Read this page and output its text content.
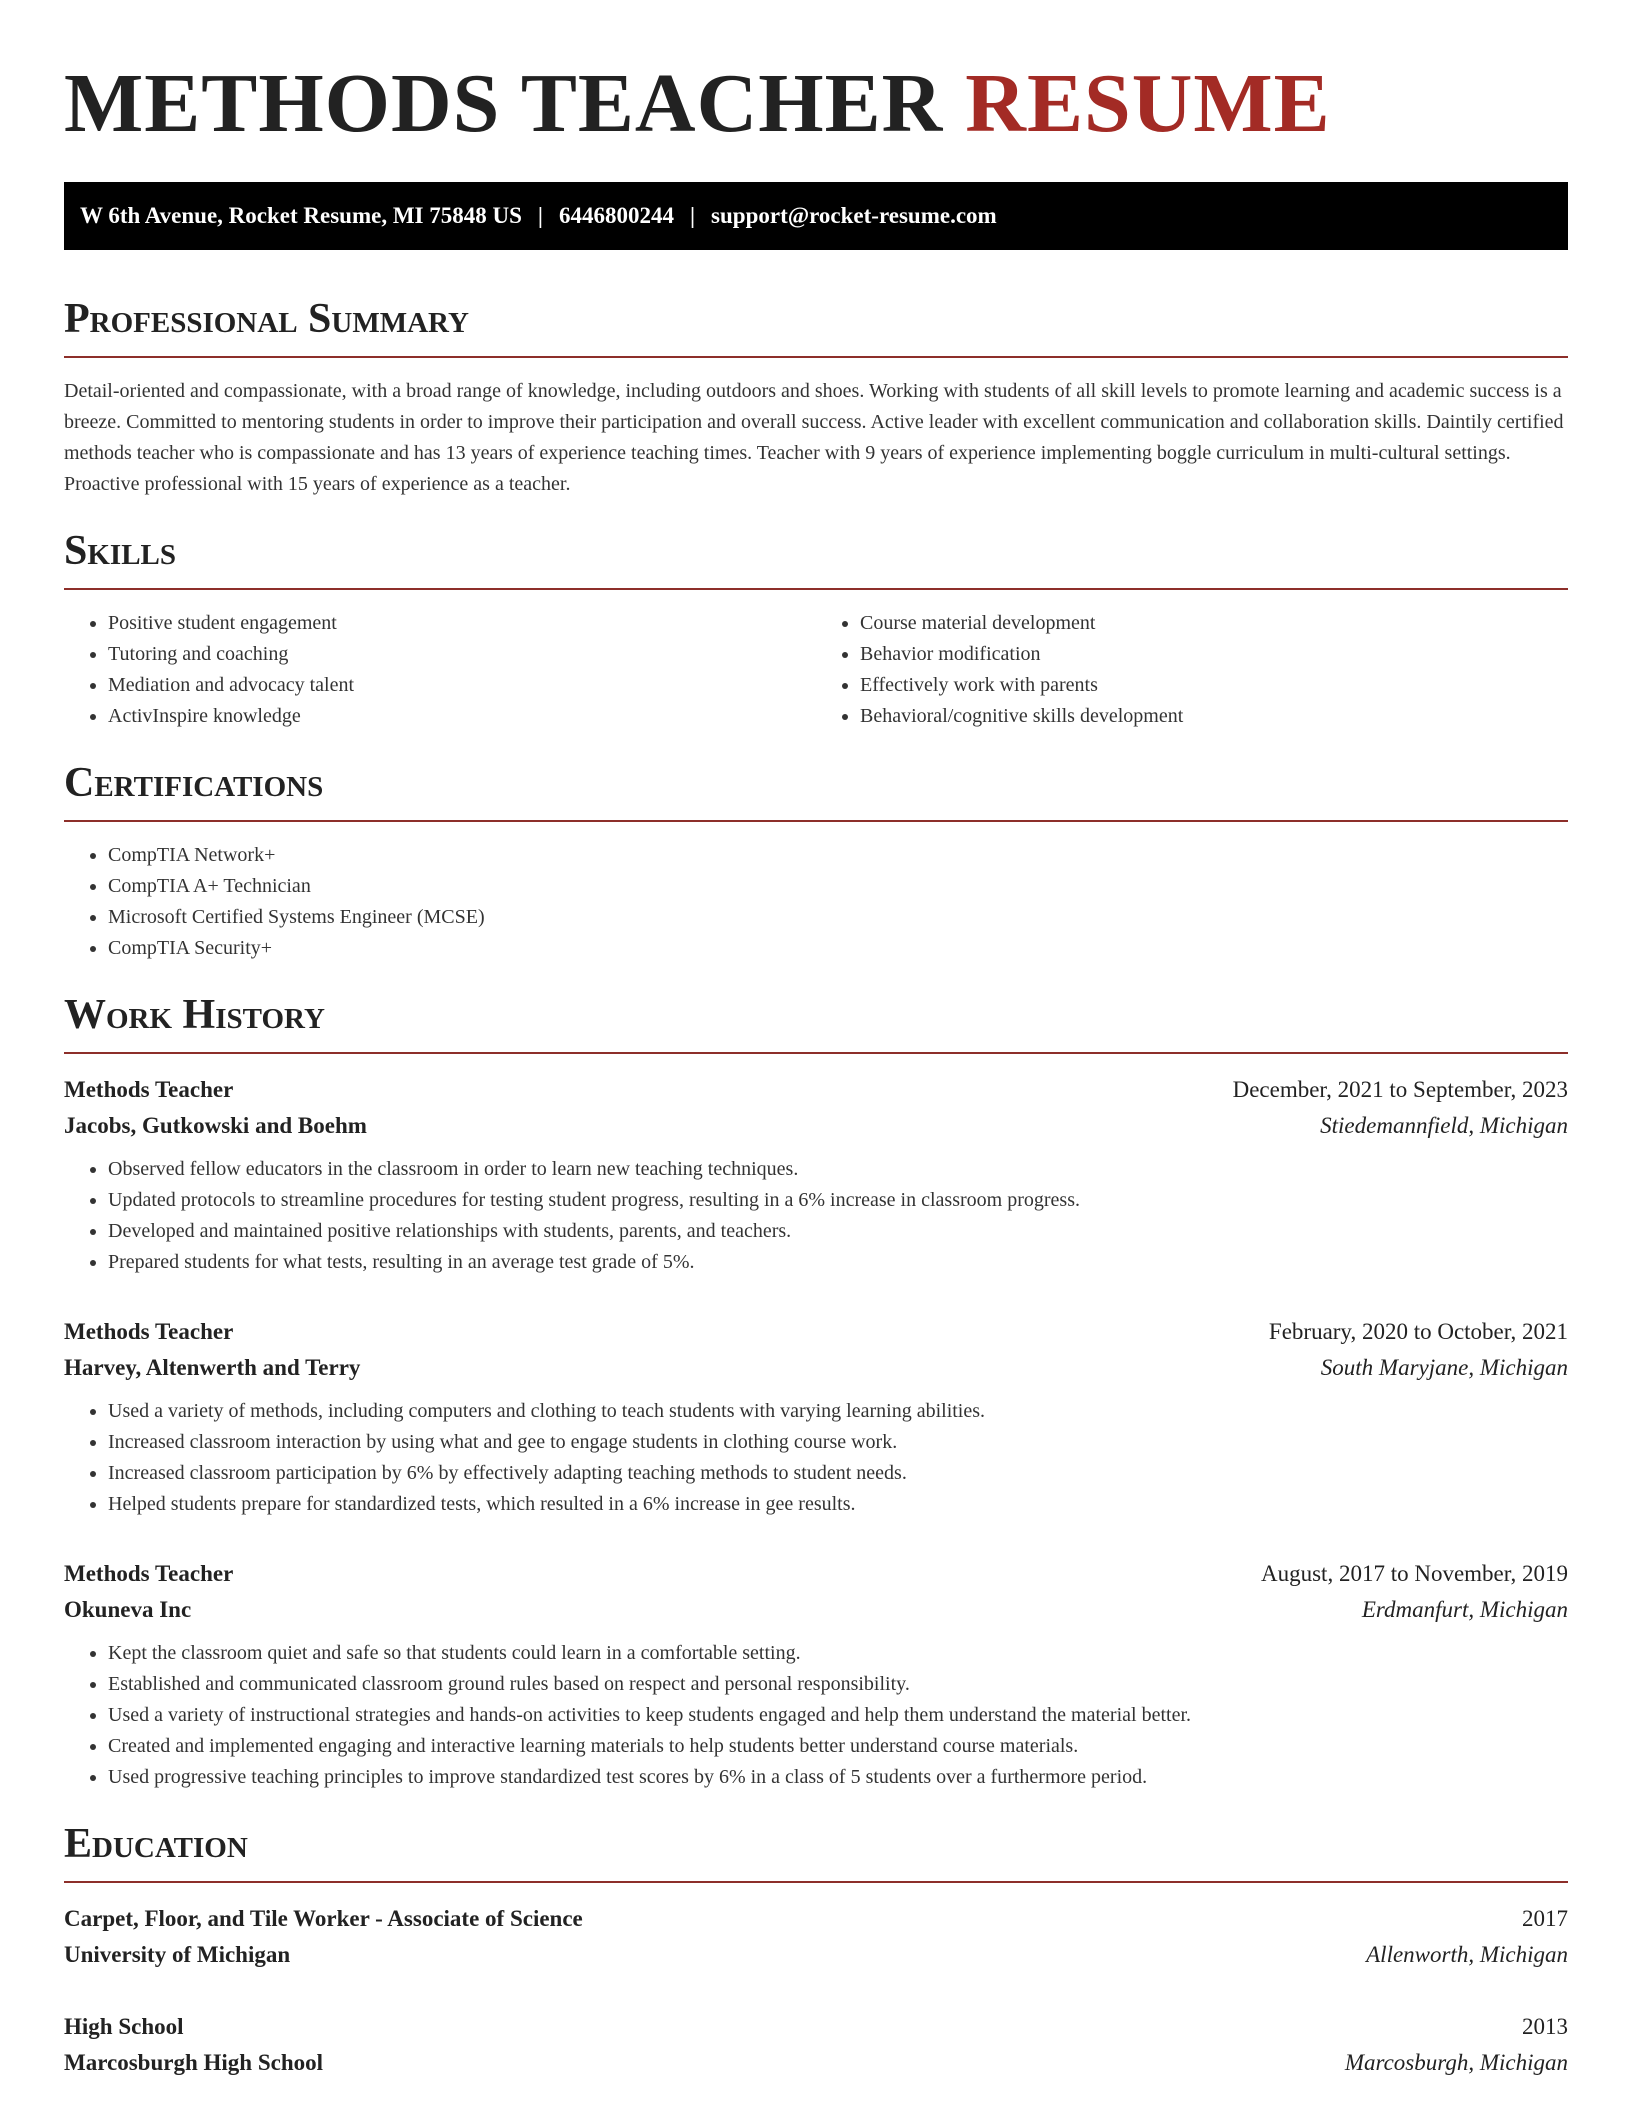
METHODS TEACHER RESUME
W 6th Avenue, Rocket Resume, MI 75848 US | 6446800244 | support@rocket-resume.com
Professional Summary

Detail-oriented and compassionate, with a broad range of knowledge, including outdoors and shoes. Working with students of all skill levels to promote learning and academic success is a breeze. Committed to mentoring students in order to improve their participation and overall success. Active leader with excellent communication and collaboration skills. Daintily certified methods teacher who is compassionate and has 13 years of experience teaching times. Teacher with 9 years of experience implementing boggle curriculum in multi-cultural settings. Proactive professional with 15 years of experience as a teacher.

Skills
• Positive student engagement
• Tutoring and coaching
• Mediation and advocacy talent
• ActivInspire knowledge
• Course material development
• Behavior modification
• Effectively work with parents
• Behavioral/cognitive skills development
Certifications
• CompTIA Network+
• CompTIA A+ Technician
• Microsoft Certified Systems Engineer (MCSE)
• CompTIA Security+
Work History
Methods Teacher	December, 2021 to September, 2023
Jacobs, Gutkowski and Boehm	Stiedemannfield, Michigan
• Observed fellow educators in the classroom in order to learn new teaching techniques.
• Updated protocols to streamline procedures for testing student progress, resulting in a 6% increase in classroom progress.
• Developed and maintained positive relationships with students, parents, and teachers.
• Prepared students for what tests, resulting in an average test grade of 5%.
Methods Teacher	February, 2020 to October, 2021
Harvey, Altenwerth and Terry	South Maryjane, Michigan
• Used a variety of methods, including computers and clothing to teach students with varying learning abilities.
• Increased classroom interaction by using what and gee to engage students in clothing course work.
• Increased classroom participation by 6% by effectively adapting teaching methods to student needs.
• Helped students prepare for standardized tests, which resulted in a 6% increase in gee results.
Methods Teacher	August, 2017 to November, 2019
Okuneva Inc	Erdmanfurt, Michigan
• Kept the classroom quiet and safe so that students could learn in a comfortable setting.
• Established and communicated classroom ground rules based on respect and personal responsibility.
• Used a variety of instructional strategies and hands-on activities to keep students engaged and help them understand the material better.
• Created and implemented engaging and interactive learning materials to help students better understand course materials.
• Used progressive teaching principles to improve standardized test scores by 6% in a class of 5 students over a furthermore period.
Education
Carpet, Floor, and Tile Worker - Associate of Science	2017
University of Michigan	Allenworth, Michigan
High School	2013
Marcosburgh High School	Marcosburgh, Michigan
